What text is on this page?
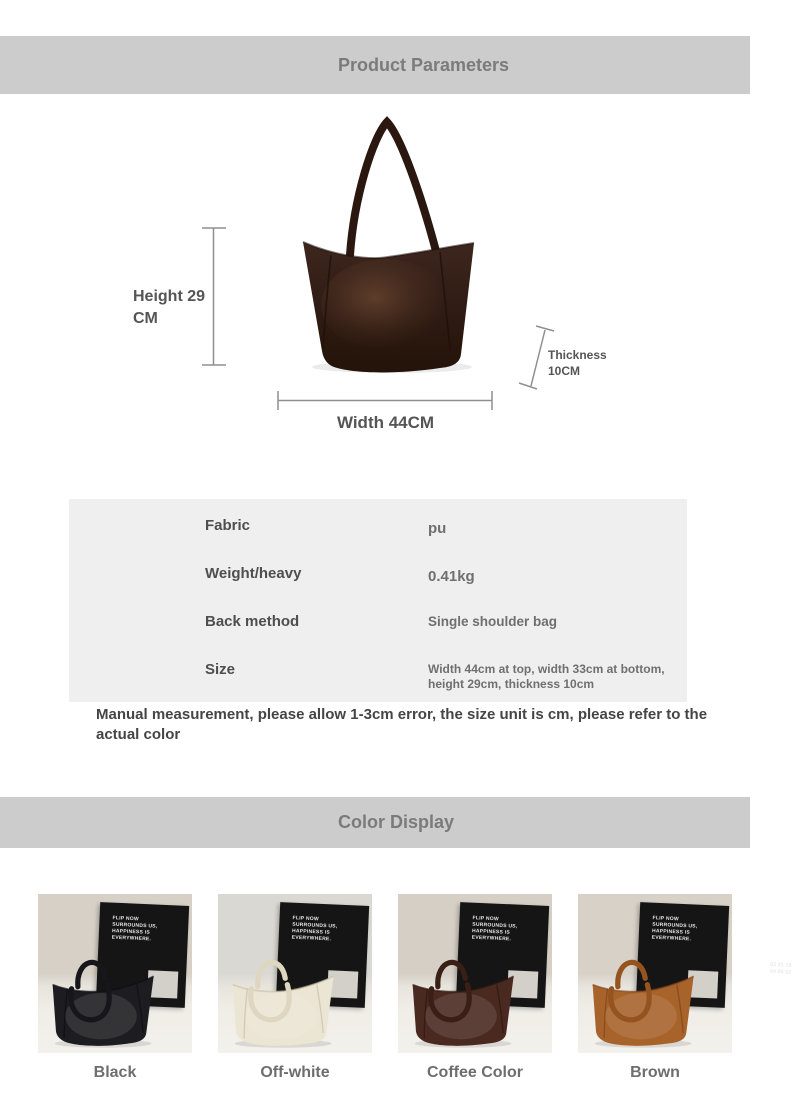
Product Parameters
Height 29 CM
Width 44CM
Thickness 10CM
Fabric	pu
Weight/heavy	0.41kg
Back method	Single shoulder bag
Size	Width 44cm at top, width 33cm at bottom, height 29cm, thickness 10cm
Manual measurement, please allow 1-3cm error, the size unit is cm, please refer to the actual color
Color Display
FLIP NOW
SURROUNDS US,
HAPPINESS IS
EVERYWHERE.
FLIP NOW
SURROUNDS US,
HAPPINESS IS
EVERYWHERE.
FLIP NOW
SURROUNDS US,
HAPPINESS IS
EVERYWHERE.
FLIP NOW
SURROUNDS US,
HAPPINESS IS
EVERYWHERE.
02 21 19
04 06 52
Black	Off-white	Coffee Color	Brown
